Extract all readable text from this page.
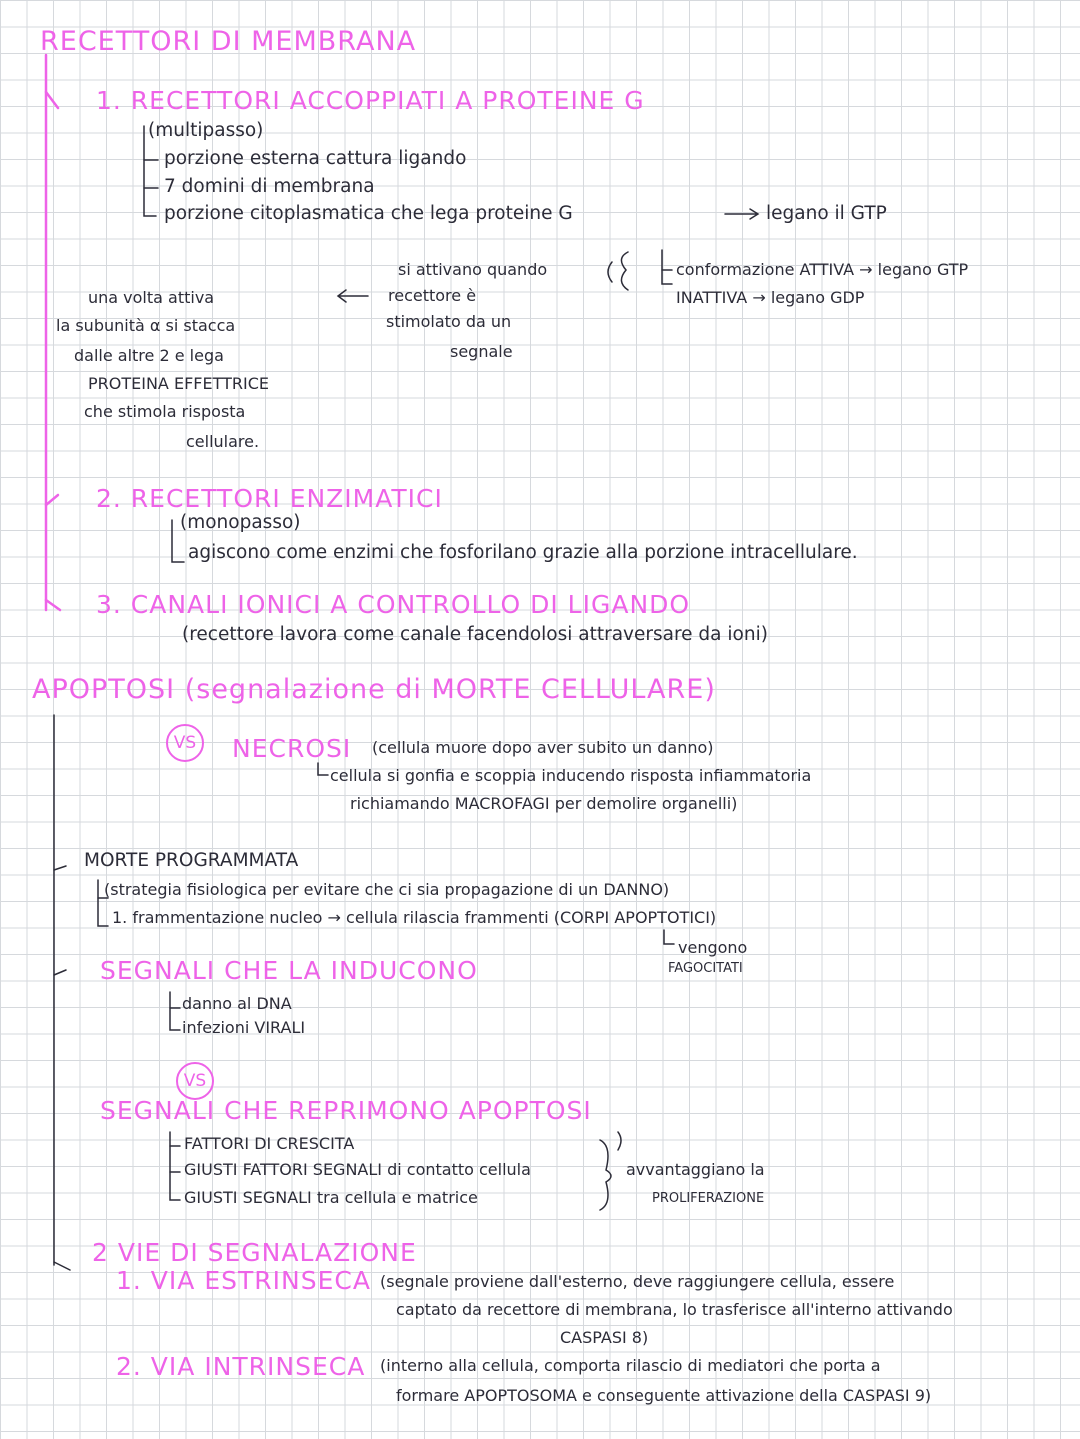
RECETTORI DI MEMBRANA
1. RECETTORI ACCOPPIATI A PROTEINE G
(multipasso)
porzione esterna cattura ligando
7 domini di membrana
porzione citoplasmatica che lega proteine G	legano il GTP
si attivano quando
recettore è
stimolato da un
segnale
conformazione ATTIVA → legano GTP
INATTIVA → legano GDP
una volta attiva
la subunità α si stacca
dalle altre 2 e lega
PROTEINA EFFETTRICE
che stimola risposta
cellulare.
2. RECETTORI ENZIMATICI
(monopasso)
agiscono come enzimi che fosforilano grazie alla porzione intracellulare.
3. CANALI IONICI A CONTROLLO DI LIGANDO
(recettore lavora come canale facendolosi attraversare da ioni)
APOPTOSI (segnalazione di MORTE CELLULARE)
VS	NECROSI (cellula muore dopo aver subito un danno)
cellula si gonfia e scoppia inducendo risposta infiammatoria
richiamando MACROFAGI per demolire organelli)
MORTE PROGRAMMATA
(strategia fisiologica per evitare che ci sia propagazione di un DANNO)
1. frammentazione nucleo → cellula rilascia frammenti (CORPI APOPTOTICI)
vengono
FAGOCITATI
SEGNALI CHE LA INDUCONO
danno al DNA
infezioni VIRALI
VS
SEGNALI CHE REPRIMONO APOPTOSI
FATTORI DI CRESCITA
GIUSTI FATTORI SEGNALI di contatto cellula
GIUSTI SEGNALI tra cellula e matrice
avvantaggiano la
PROLIFERAZIONE
2 VIE DI SEGNALAZIONE
1. VIA ESTRINSECA (segnale proviene dall'esterno, deve raggiungere cellula, essere
captato da recettore di membrana, lo trasferisce all'interno attivando
CASPASI 8)
2. VIA INTRINSECA (interno alla cellula, comporta rilascio di mediatori che porta a
formare APOPTOSOMA e conseguente attivazione della CASPASI 9)
